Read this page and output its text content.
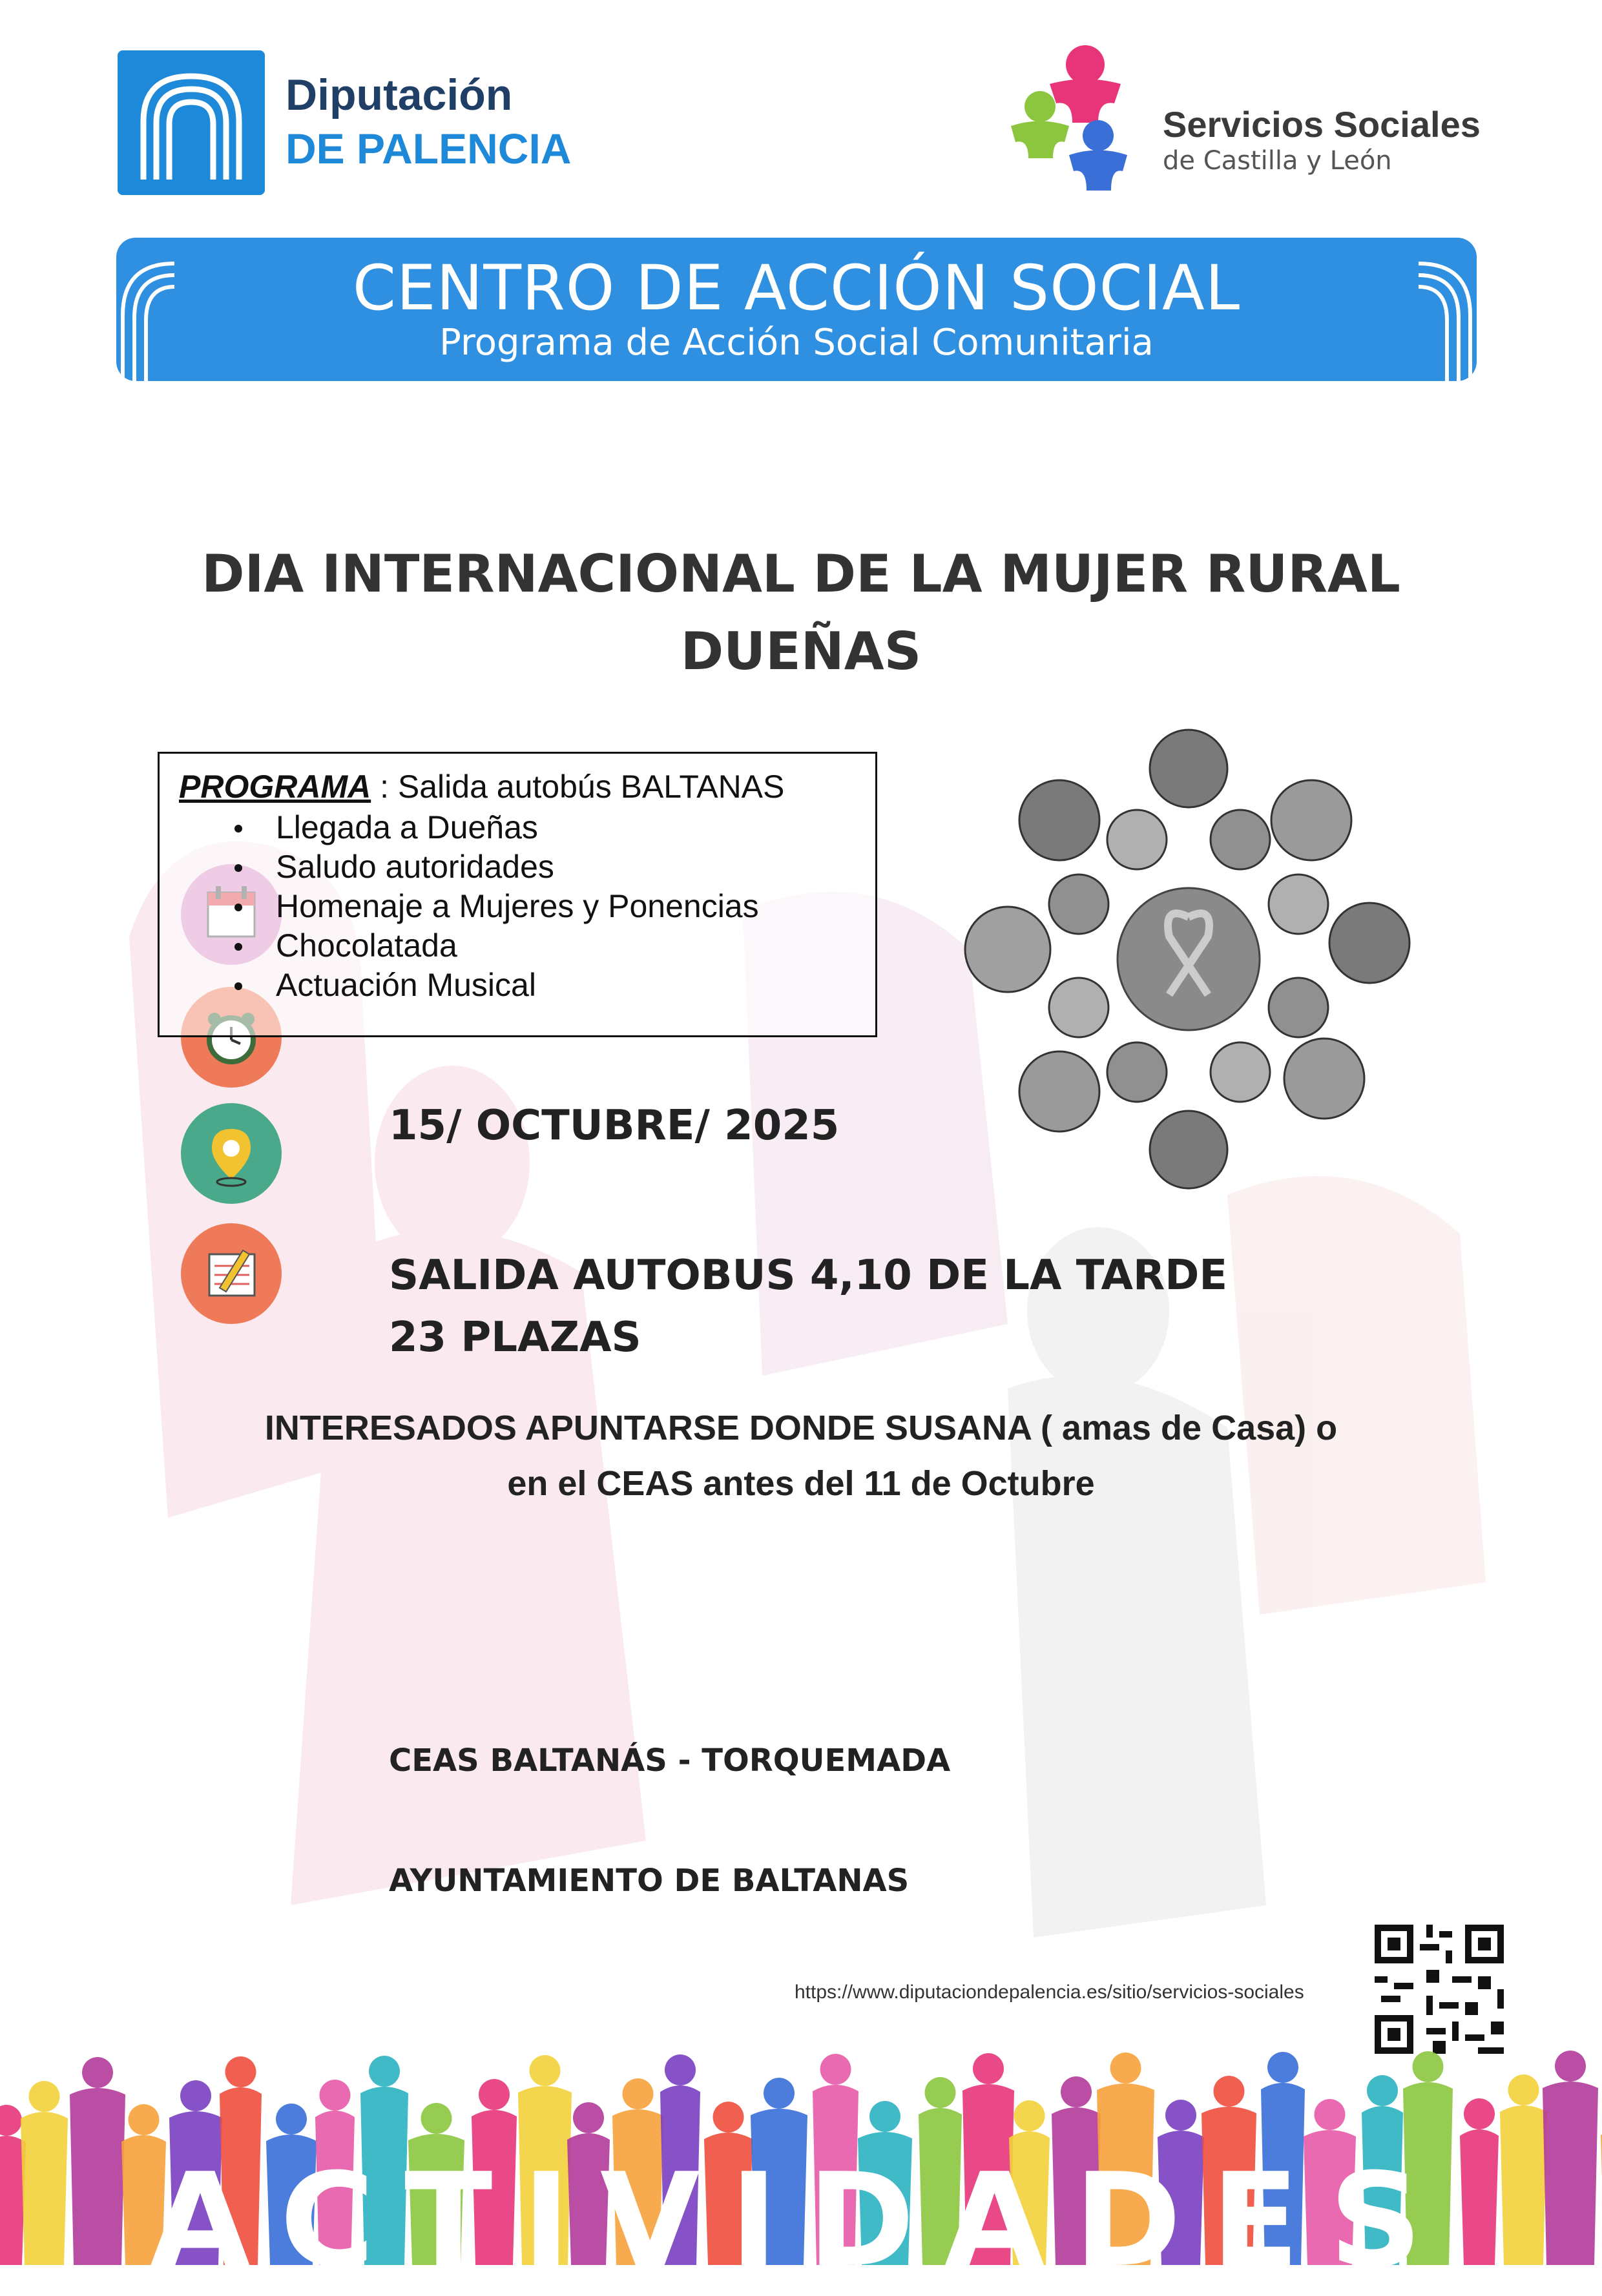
Diputación
DE PALENCIA
Servicios Sociales
de Castilla y León
CENTRO DE ACCIÓN SOCIAL
Programa de Acción Social Comunitaria
DIA INTERNACIONAL DE LA MUJER RURAL
DUEÑAS
PROGRAMA : Salida autobús BALTANAS
Llegada a Dueñas
Saludo autoridades
Homenaje a Mujeres y Ponencias
Chocolatada
Actuación Musical
15/ OCTUBRE/ 2025
SALIDA AUTOBUS 4,10 DE LA TARDE
23 PLAZAS
INTERESADOS APUNTARSE DONDE SUSANA ( amas de Casa) o
en el CEAS antes del 11 de Octubre
CEAS BALTANÁS - TORQUEMADA
AYUNTAMIENTO DE BALTANAS
https://www.diputaciondepalencia.es/sitio/servicios-sociales
ACTIVIDADES
